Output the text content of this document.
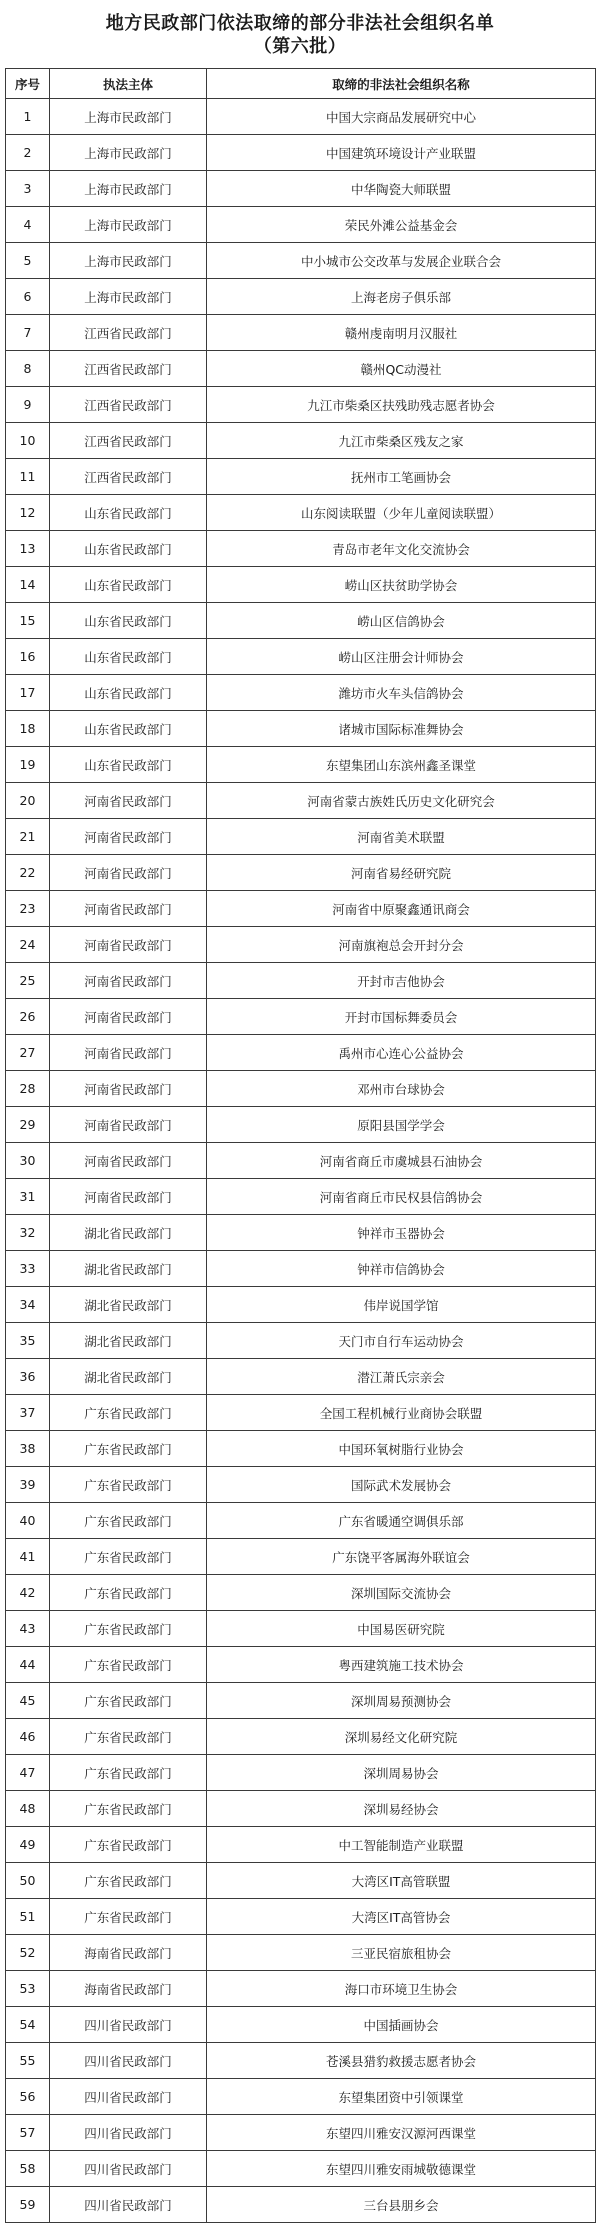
地方民政部门依法取缔的部分非法社会组织名单
（第六批）
序号	执法主体	取缔的非法社会组织名称
1	上海市民政部门	中国大宗商品发展研究中心
2	上海市民政部门	中国建筑环境设计产业联盟
3	上海市民政部门	中华陶瓷大师联盟
4	上海市民政部门	荣民外滩公益基金会
5	上海市民政部门	中小城市公交改革与发展企业联合会
6	上海市民政部门	上海老房子俱乐部
7	江西省民政部门	赣州虔南明月汉服社
8	江西省民政部门	赣州QC动漫社
9	江西省民政部门	九江市柴桑区扶残助残志愿者协会
10	江西省民政部门	九江市柴桑区残友之家
11	江西省民政部门	抚州市工笔画协会
12	山东省民政部门	山东阅读联盟（少年儿童阅读联盟）
13	山东省民政部门	青岛市老年文化交流协会
14	山东省民政部门	崂山区扶贫助学协会
15	山东省民政部门	崂山区信鸽协会
16	山东省民政部门	崂山区注册会计师协会
17	山东省民政部门	潍坊市火车头信鸽协会
18	山东省民政部门	诸城市国际标准舞协会
19	山东省民政部门	东望集团山东滨州鑫圣课堂
20	河南省民政部门	河南省蒙古族姓氏历史文化研究会
21	河南省民政部门	河南省美术联盟
22	河南省民政部门	河南省易经研究院
23	河南省民政部门	河南省中原聚鑫通讯商会
24	河南省民政部门	河南旗袍总会开封分会
25	河南省民政部门	开封市吉他协会
26	河南省民政部门	开封市国标舞委员会
27	河南省民政部门	禹州市心连心公益协会
28	河南省民政部门	邓州市台球协会
29	河南省民政部门	原阳县国学学会
30	河南省民政部门	河南省商丘市虞城县石油协会
31	河南省民政部门	河南省商丘市民权县信鸽协会
32	湖北省民政部门	钟祥市玉器协会
33	湖北省民政部门	钟祥市信鸽协会
34	湖北省民政部门	伟岸说国学馆
35	湖北省民政部门	天门市自行车运动协会
36	湖北省民政部门	潜江萧氏宗亲会
37	广东省民政部门	全国工程机械行业商协会联盟
38	广东省民政部门	中国环氧树脂行业协会
39	广东省民政部门	国际武术发展协会
40	广东省民政部门	广东省暖通空调俱乐部
41	广东省民政部门	广东饶平客属海外联谊会
42	广东省民政部门	深圳国际交流协会
43	广东省民政部门	中国易医研究院
44	广东省民政部门	粤西建筑施工技术协会
45	广东省民政部门	深圳周易预测协会
46	广东省民政部门	深圳易经文化研究院
47	广东省民政部门	深圳周易协会
48	广东省民政部门	深圳易经协会
49	广东省民政部门	中工智能制造产业联盟
50	广东省民政部门	大湾区IT高管联盟
51	广东省民政部门	大湾区IT高管协会
52	海南省民政部门	三亚民宿旅租协会
53	海南省民政部门	海口市环境卫生协会
54	四川省民政部门	中国插画协会
55	四川省民政部门	苍溪县猎豹救援志愿者协会
56	四川省民政部门	东望集团资中引领课堂
57	四川省民政部门	东望四川雅安汉源河西课堂
58	四川省民政部门	东望四川雅安雨城敬德课堂
59	四川省民政部门	三台县朋乡会
